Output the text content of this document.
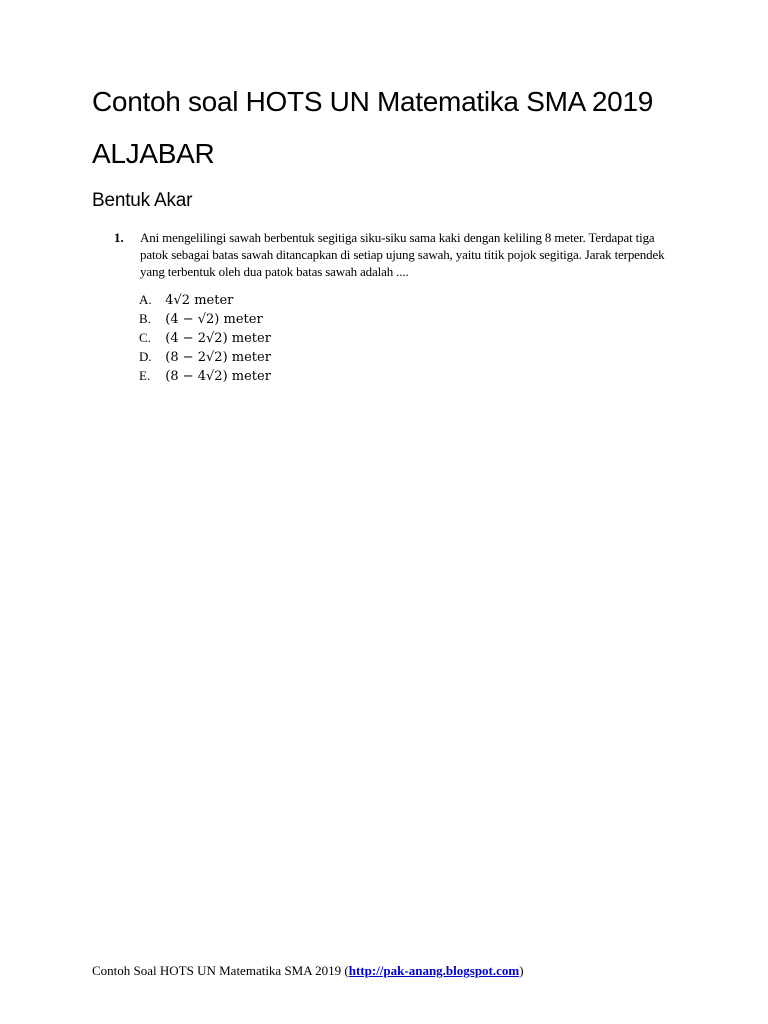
Contoh soal HOTS UN Matematika SMA 2019
ALJABAR
Bentuk Akar
1. Ani mengelilingi sawah berbentuk segitiga siku-siku sama kaki dengan keliling 8 meter. Terdapat tiga patok sebagai batas sawah ditancapkan di setiap ujung sawah, yaitu titik pojok segitiga. Jarak terpendek yang terbentuk oleh dua patok batas sawah adalah ....
A. 4√2 meter
B. (4 − √2) meter
C. (4 − 2√2) meter
D. (8 − 2√2) meter
E. (8 − 4√2) meter
Contoh Soal HOTS UN Matematika SMA 2019 (http://pak-anang.blogspot.com)
